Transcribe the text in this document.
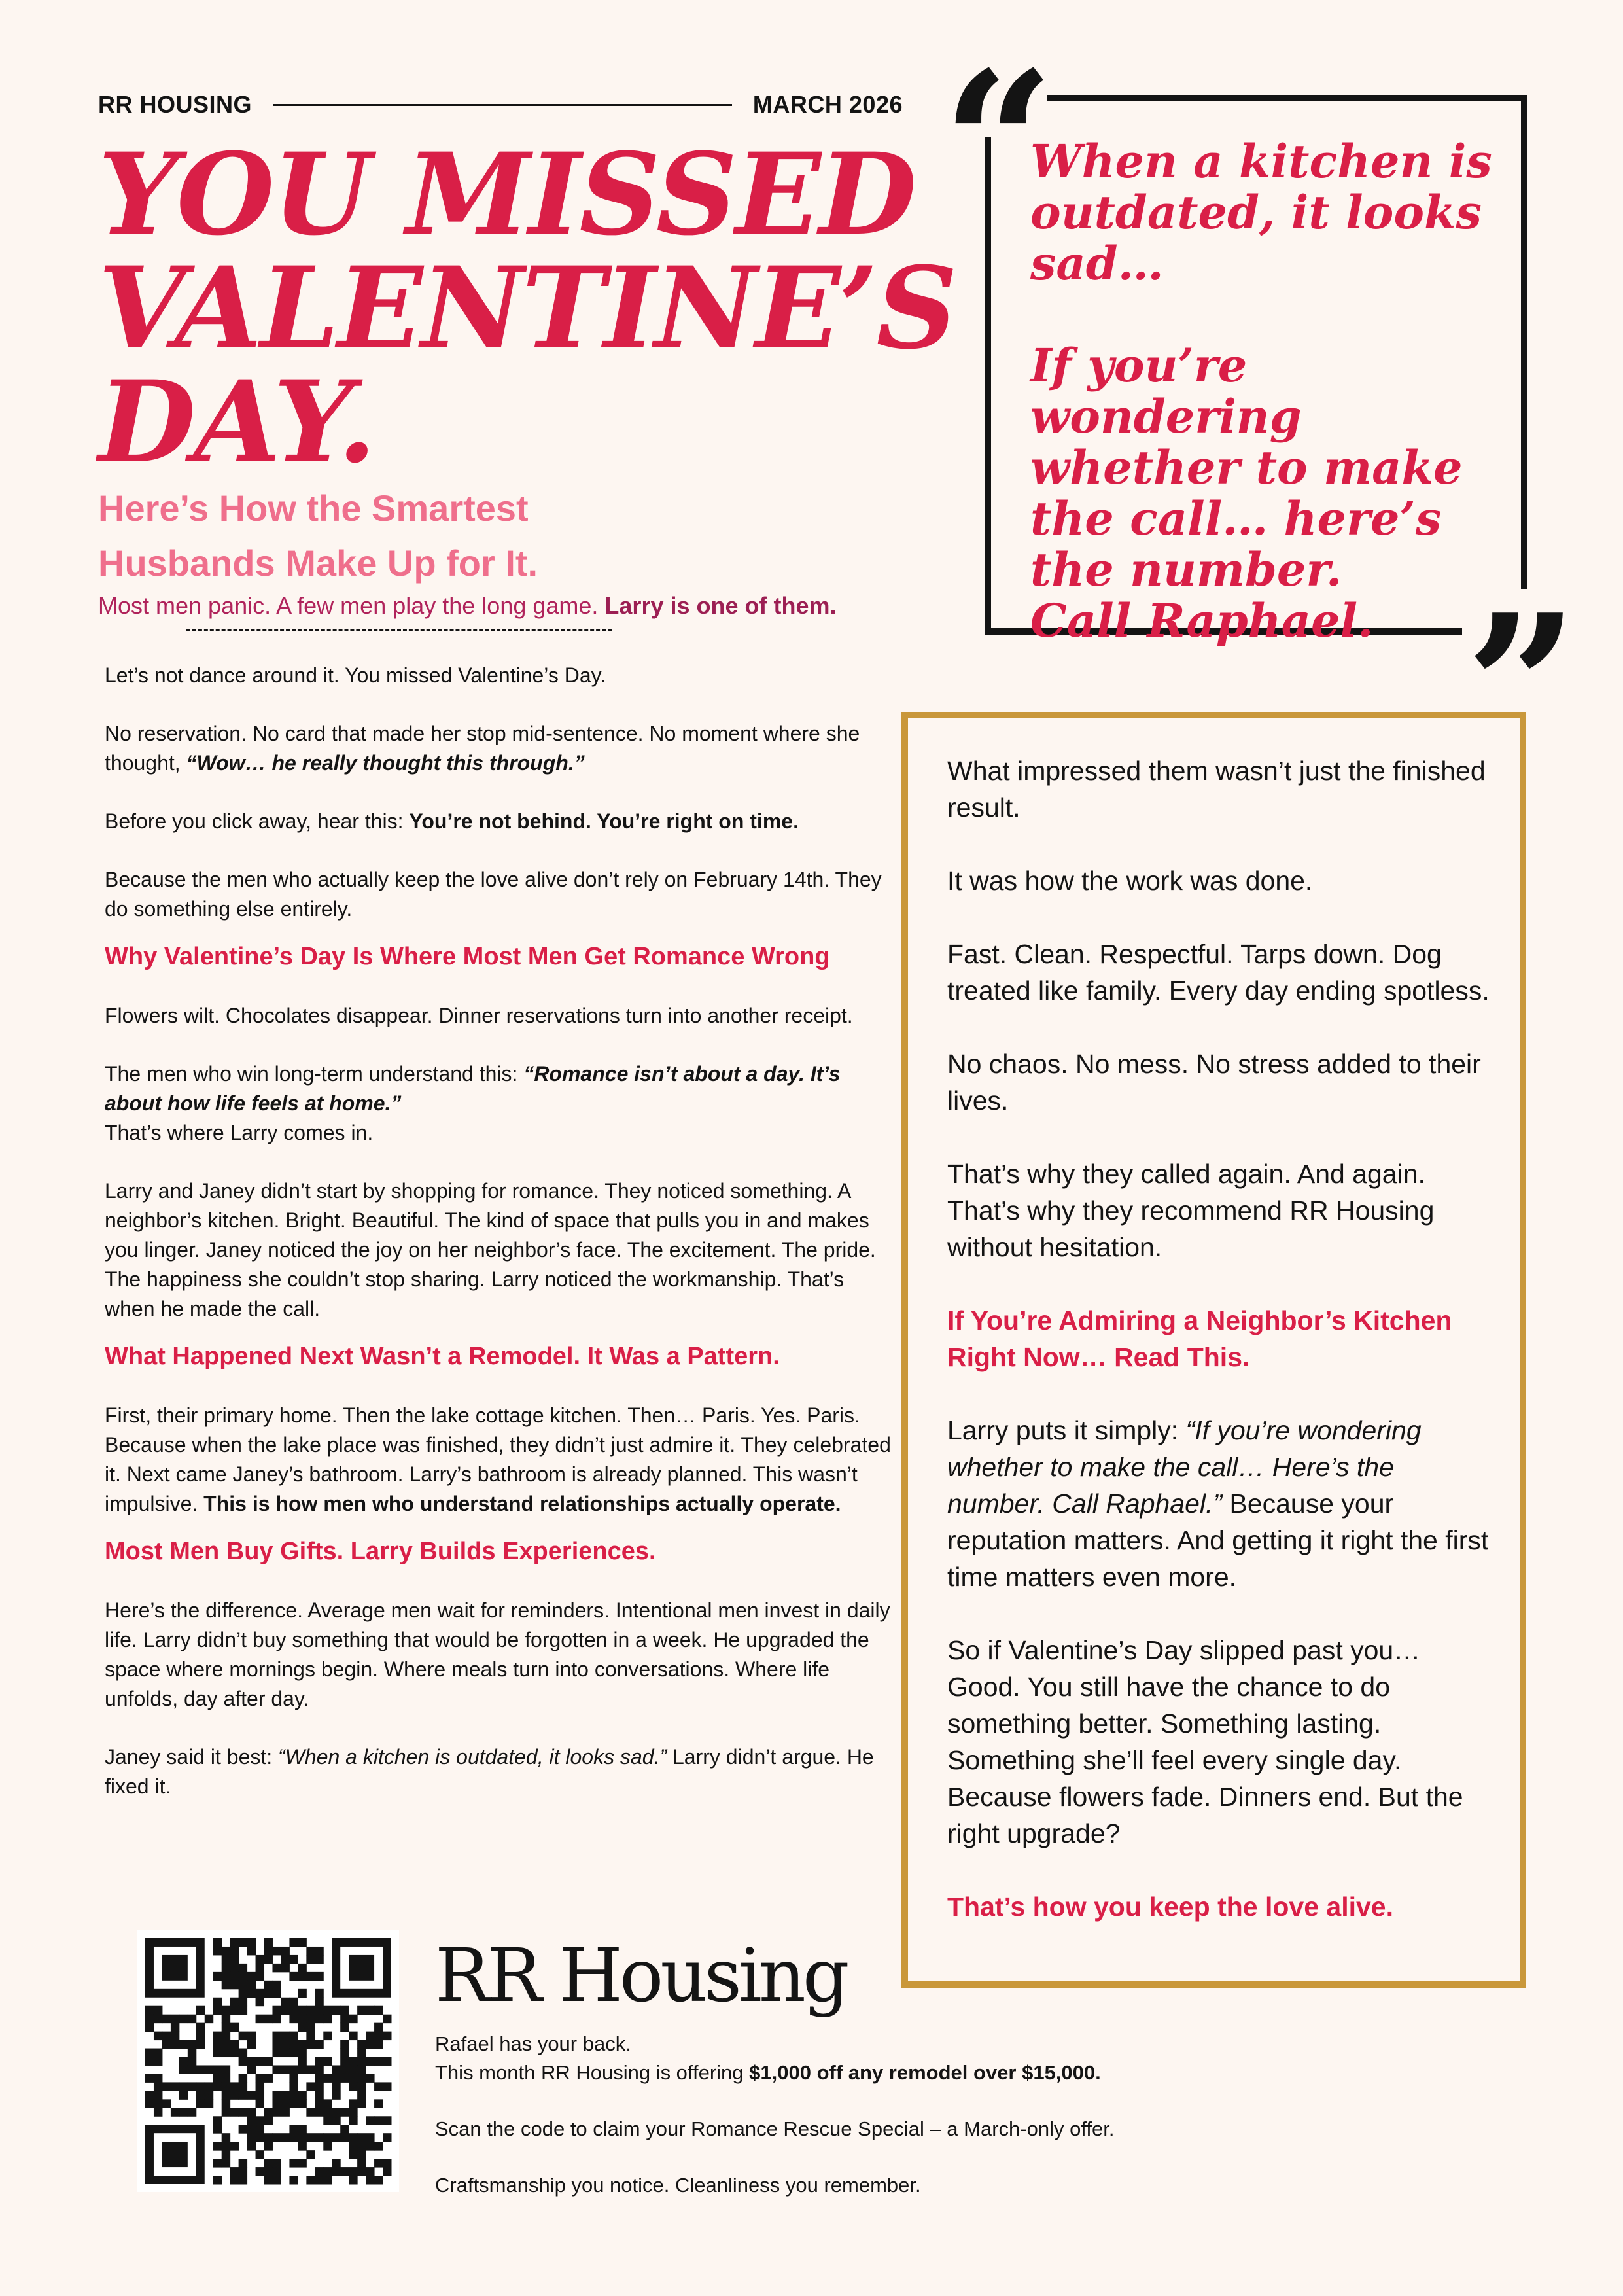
RR HOUSING	MARCH 2026
YOU MISSED
VALENTINE’S
DAY.
Here’s How the Smartest
Husbands Make Up for It.
Most men panic. A few men play the long game. Larry is one of them.

Let’s not dance around it. You missed Valentine’s Day.

No reservation. No card that made her stop mid-sentence. No moment where she thought, “Wow… he really thought this through.”

Before you click away, hear this: You’re not behind. You’re right on time.

Because the men who actually keep the love alive don’t rely on February 14th. They do something else entirely.

Why Valentine’s Day Is Where Most Men Get Romance Wrong

Flowers wilt. Chocolates disappear. Dinner reservations turn into another receipt.

The men who win long-term understand this: “Romance isn’t about a day. It’s about how life feels at home.”
That’s where Larry comes in.

Larry and Janey didn’t start by shopping for romance. They noticed something. A neighbor’s kitchen. Bright. Beautiful. The kind of space that pulls you in and makes you linger. Janey noticed the joy on her neighbor’s face. The excitement. The pride. The happiness she couldn’t stop sharing. Larry noticed the workmanship. That’s when he made the call.

What Happened Next Wasn’t a Remodel. It Was a Pattern.

First, their primary home. Then the lake cottage kitchen. Then… Paris. Yes. Paris. Because when the lake place was finished, they didn’t just admire it. They celebrated it. Next came Janey’s bathroom. Larry’s bathroom is already planned. This wasn’t impulsive. This is how men who understand relationships actually operate.

Most Men Buy Gifts. Larry Builds Experiences.

Here’s the difference. Average men wait for reminders. Intentional men invest in daily life. Larry didn’t buy something that would be forgotten in a week. He upgraded the space where mornings begin. Where meals turn into conversations. Where life unfolds, day after day.

Janey said it best: “When a kitchen is outdated, it looks sad.” Larry didn’t argue. He fixed it.

“
”

When a kitchen is outdated, it looks sad…

If you’re wondering whether to make the call… here’s the number.
Call Raphael.

What impressed them wasn’t just the finished result.

It was how the work was done.

Fast. Clean. Respectful. Tarps down. Dog treated like family. Every day ending spotless.

No chaos. No mess. No stress added to their lives.

That’s why they called again. And again. That’s why they recommend RR Housing without hesitation.

If You’re Admiring a Neighbor’s Kitchen Right Now… Read This.

Larry puts it simply: “If you’re wondering whether to make the call… Here’s the number. Call Raphael.” Because your reputation matters. And getting it right the first time matters even more.

So if Valentine’s Day slipped past you… Good. You still have the chance to do something better. Something lasting. Something she’ll feel every single day. Because flowers fade. Dinners end. But the right upgrade?

That’s how you keep the love alive.

RR Housing

Rafael has your back.

This month RR Housing is offering $1,000 off any remodel over $15,000.

Scan the code to claim your Romance Rescue Special – a March-only offer.

Craftsmanship you notice. Cleanliness you remember.
